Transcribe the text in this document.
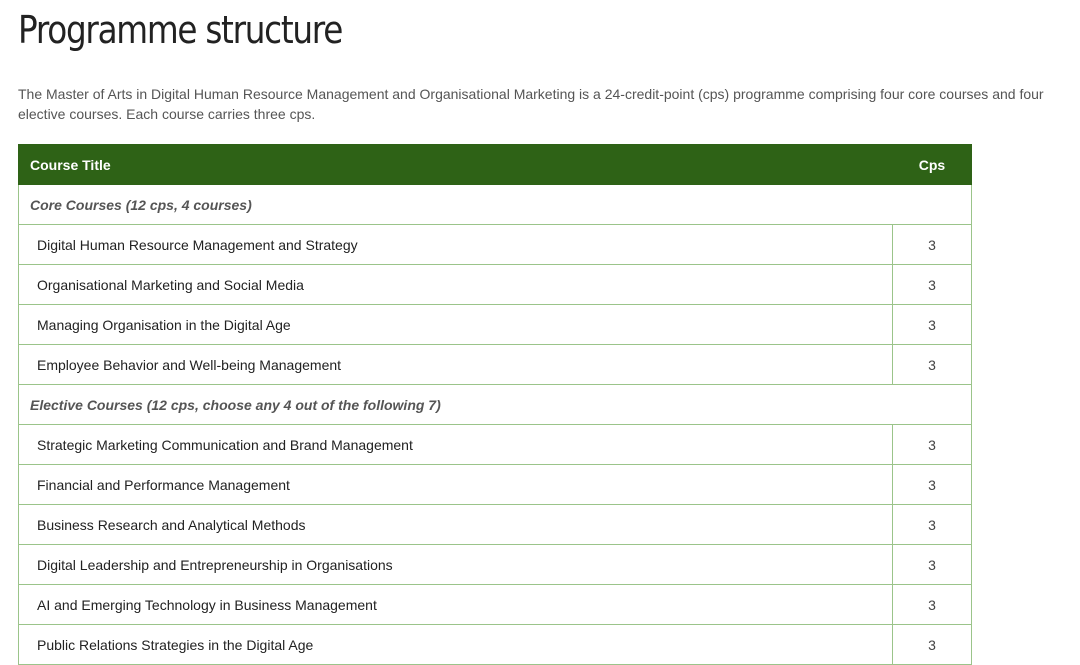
Programme structure

The Master of Arts in Digital Human Resource Management and Organisational Marketing is a 24-credit-point (cps) programme comprising four core courses and four elective courses. Each course carries three cps.

Course Title	Cps
Core Courses (12 cps, 4 courses)	
Digital Human Resource Management and Strategy	3
Organisational Marketing and Social Media	3
Managing Organisation in the Digital Age	3
Employee Behavior and Well-being Management	3
Elective Courses (12 cps, choose any 4 out of the following 7)	
Strategic Marketing Communication and Brand Management	3
Financial and Performance Management	3
Business Research and Analytical Methods	3
Digital Leadership and Entrepreneurship in Organisations	3
AI and Emerging Technology in Business Management	3
Public Relations Strategies in the Digital Age	3
